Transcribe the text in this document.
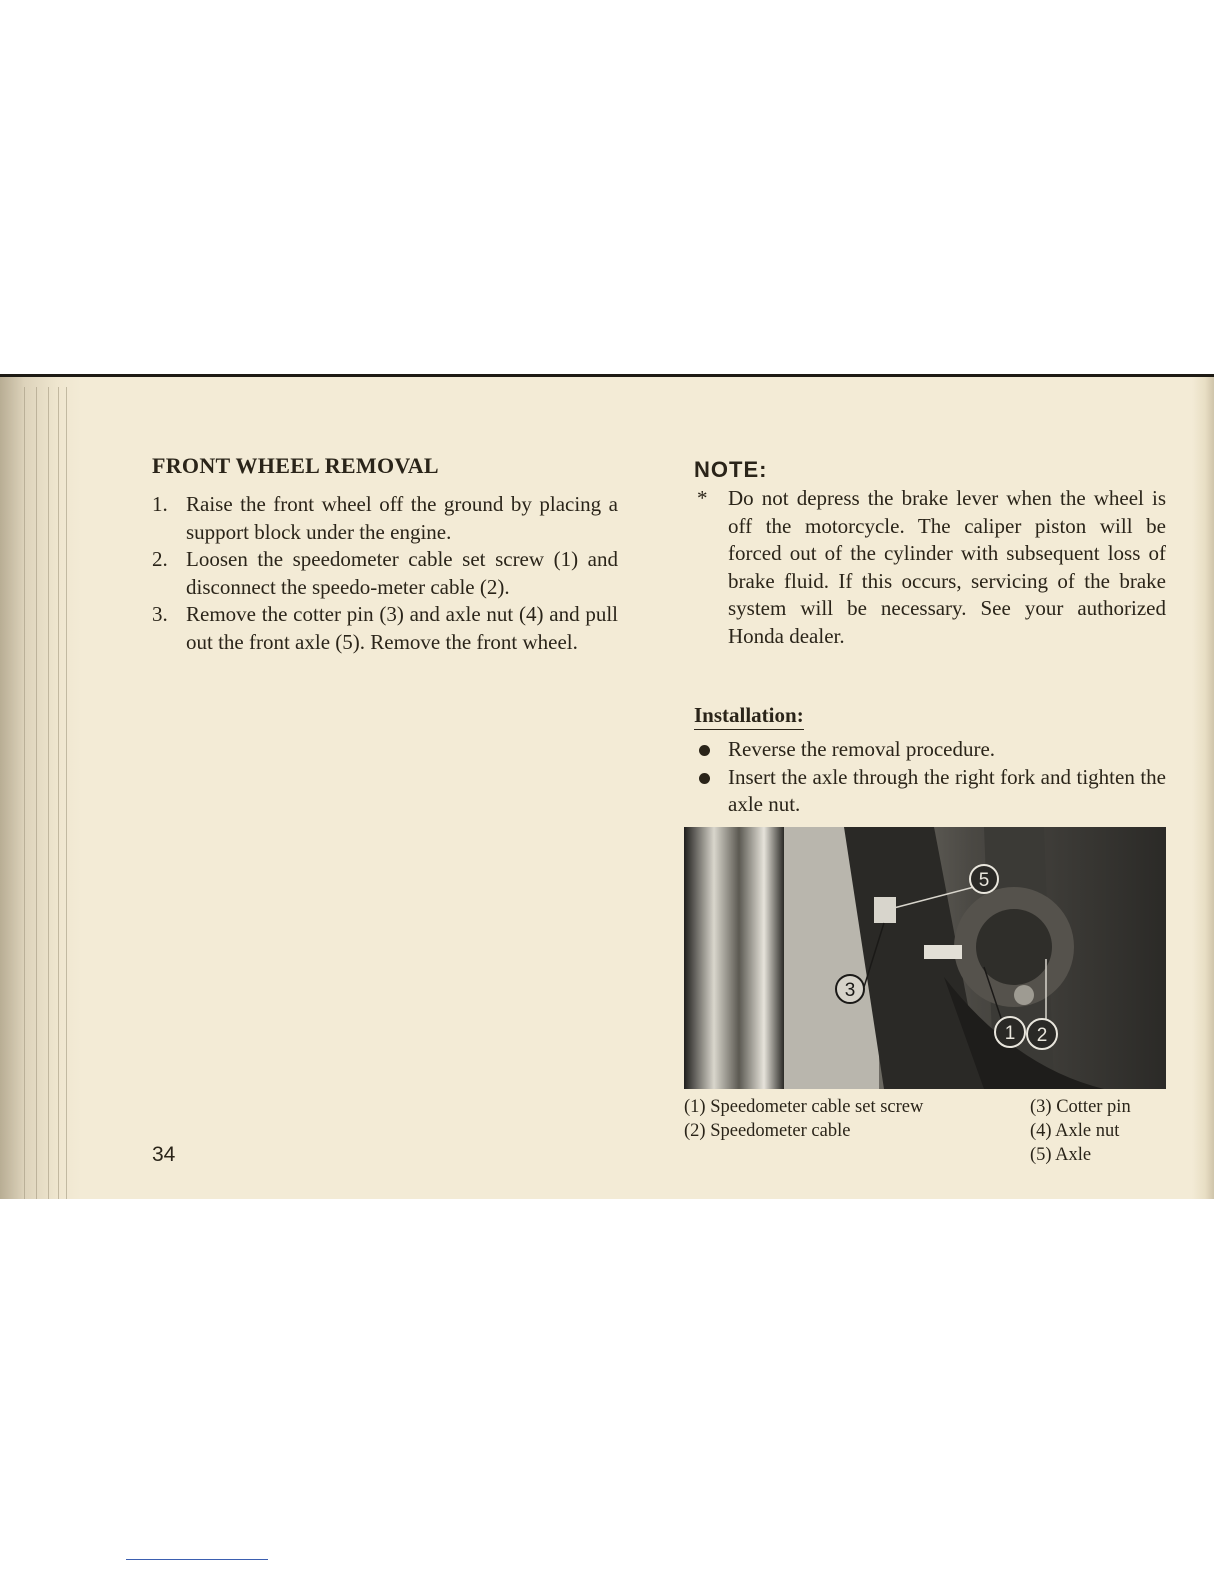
FRONT WHEEL REMOVAL
1. Raise the front wheel off the ground by placing a support block under the engine.
2. Loosen the speedometer cable set screw (1) and disconnect the speedo-meter cable (2).
3. Remove the cotter pin (3) and axle nut (4) and pull out the front axle (5). Remove the front wheel.
34
NOTE:
* Do not depress the brake lever when the wheel is off the motorcycle. The caliper piston will be forced out of the cylinder with subsequent loss of brake fluid. If this occurs, servicing of the brake system will be necessary. See your authorized Honda dealer.
Installation:
Reverse the removal procedure.
Insert the axle through the right fork and tighten the axle nut.
5
3
1 2
(1) Speedometer cable set screw
(2) Speedometer cable
(3) Cotter pin
(4) Axle nut
(5) Axle
